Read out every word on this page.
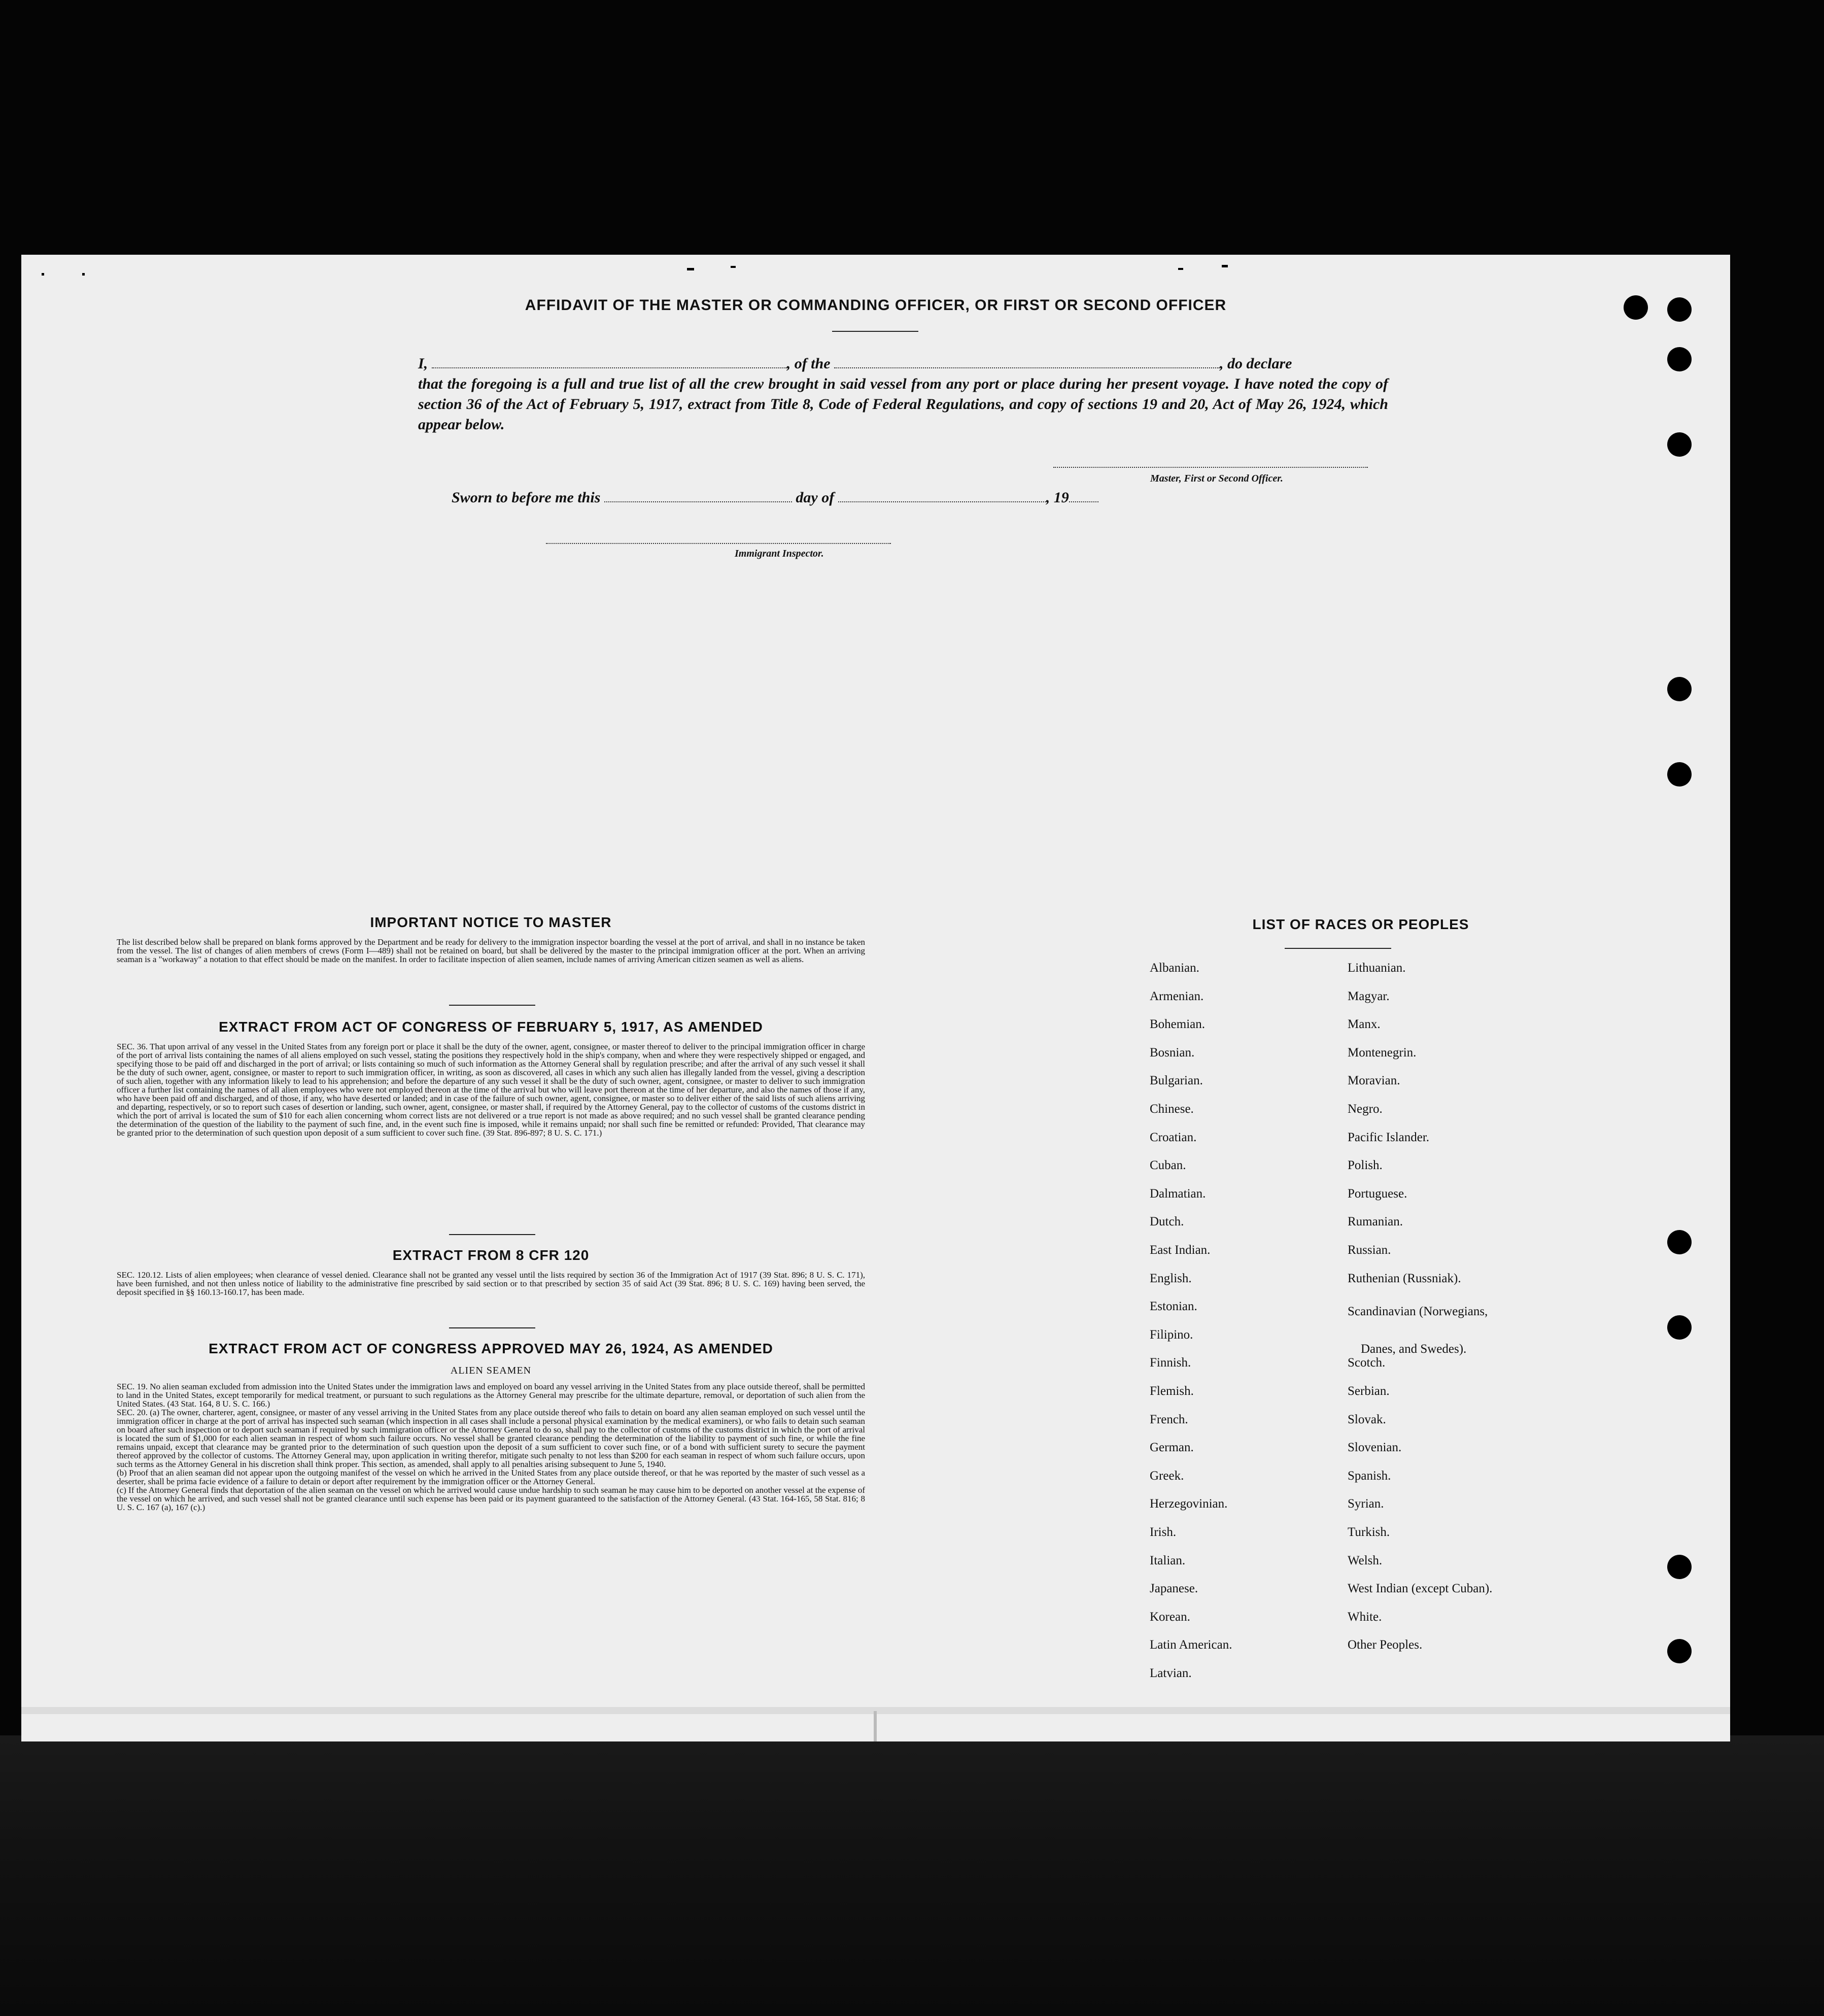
AFFIDAVIT OF THE MASTER OR COMMANDING OFFICER, OR FIRST OR SECOND OFFICER

I,	, of the	, do declare

that the foregoing is a full and true list of all the crew brought in said vessel from any port or place during her present voyage. I have noted the copy of section 36 of the Act of February 5, 1917, extract from Title 8, Code of Federal Regulations, and copy of sections 19 and 20, Act of May 26, 1924, which appear below.

Master, First or Second Officer.
Sworn to before me this	day of	, 19
Immigrant Inspector.
IMPORTANT NOTICE TO MASTER

The list described below shall be prepared on blank forms approved by the Department and be ready for delivery to the immigration inspector boarding the vessel at the port of arrival, and shall in no instance be taken from the vessel. The list of changes of alien members of crews (Form I—489) shall not be retained on board, but shall be delivered by the master to the principal immigration officer at the port. When an arriving seaman is a "workaway" a notation to that effect should be made on the manifest. In order to facilitate inspection of alien seamen, include names of arriving American citizen seamen as well as aliens.

EXTRACT FROM ACT OF CONGRESS OF FEBRUARY 5, 1917, AS AMENDED

SEC. 36. That upon arrival of any vessel in the United States from any foreign port or place it shall be the duty of the owner, agent, consignee, or master thereof to deliver to the principal immigration officer in charge of the port of arrival lists containing the names of all aliens employed on such vessel, stating the positions they respectively hold in the ship's company, when and where they were respectively shipped or engaged, and specifying those to be paid off and discharged in the port of arrival; or lists containing so much of such information as the Attorney General shall by regulation prescribe; and after the arrival of any such vessel it shall be the duty of such owner, agent, consignee, or master to report to such immigration officer, in writing, as soon as discovered, all cases in which any such alien has illegally landed from the vessel, giving a description of such alien, together with any information likely to lead to his apprehension; and before the departure of any such vessel it shall be the duty of such owner, agent, consignee, or master to deliver to such immigration officer a further list containing the names of all alien employees who were not employed thereon at the time of the arrival but who will leave port thereon at the time of her departure, and also the names of those if any, who have been paid off and discharged, and of those, if any, who have deserted or landed; and in case of the failure of such owner, agent, consignee, or master so to deliver either of the said lists of such aliens arriving and departing, respectively, or so to report such cases of desertion or landing, such owner, agent, consignee, or master shall, if required by the Attorney General, pay to the collector of customs of the customs district in which the port of arrival is located the sum of $10 for each alien concerning whom correct lists are not delivered or a true report is not made as above required; and no such vessel shall be granted clearance pending the determination of the question of the liability to the payment of such fine, and, in the event such fine is imposed, while it remains unpaid; nor shall such fine be remitted or refunded: Provided, That clearance may be granted prior to the determination of such question upon deposit of a sum sufficient to cover such fine. (39 Stat. 896-897; 8 U. S. C. 171.)

EXTRACT FROM 8 CFR 120

SEC. 120.12. Lists of alien employees; when clearance of vessel denied. Clearance shall not be granted any vessel until the lists required by section 36 of the Immigration Act of 1917 (39 Stat. 896; 8 U. S. C. 171), have been furnished, and not then unless notice of liability to the administrative fine prescribed by said section or to that prescribed by section 35 of said Act (39 Stat. 896; 8 U. S. C. 169) having been served, the deposit specified in §§ 160.13-160.17, has been made.

EXTRACT FROM ACT OF CONGRESS APPROVED MAY 26, 1924, AS AMENDED
ALIEN SEAMEN

SEC. 19. No alien seaman excluded from admission into the United States under the immigration laws and employed on board any vessel arriving in the United States from any place outside thereof, shall be permitted to land in the United States, except temporarily for medical treatment, or pursuant to such regulations as the Attorney General may prescribe for the ultimate departure, removal, or deportation of such alien from the United States. (43 Stat. 164, 8 U. S. C. 166.)

SEC. 20. (a) The owner, charterer, agent, consignee, or master of any vessel arriving in the United States from any place outside thereof who fails to detain on board any alien seaman employed on such vessel until the immigration officer in charge at the port of arrival has inspected such seaman (which inspection in all cases shall include a personal physical examination by the medical examiners), or who fails to detain such seaman on board after such inspection or to deport such seaman if required by such immigration officer or the Attorney General to do so, shall pay to the collector of customs of the customs district in which the port of arrival is located the sum of $1,000 for each alien seaman in respect of whom such failure occurs. No vessel shall be granted clearance pending the determination of the liability to payment of such fine, or while the fine remains unpaid, except that clearance may be granted prior to the determination of such question upon the deposit of a sum sufficient to cover such fine, or of a bond with sufficient surety to secure the payment thereof approved by the collector of customs. The Attorney General may, upon application in writing therefor, mitigate such penalty to not less than $200 for each seaman in respect of whom such failure occurs, upon such terms as the Attorney General in his discretion shall think proper. This section, as amended, shall apply to all penalties arising subsequent to June 5, 1940.

(b) Proof that an alien seaman did not appear upon the outgoing manifest of the vessel on which he arrived in the United States from any place outside thereof, or that he was reported by the master of such vessel as a deserter, shall be prima facie evidence of a failure to detain or deport after requirement by the immigration officer or the Attorney General.

(c) If the Attorney General finds that deportation of the alien seaman on the vessel on which he arrived would cause undue hardship to such seaman he may cause him to be deported on another vessel at the expense of the vessel on which he arrived, and such vessel shall not be granted clearance until such expense has been paid or its payment guaranteed to the satisfaction of the Attorney General. (43 Stat. 164-165, 58 Stat. 816; 8 U. S. C. 167 (a), 167 (c).)

LIST OF RACES OR PEOPLES
Albanian.
Armenian.
Bohemian.
Bosnian.
Bulgarian.
Chinese.
Croatian.
Cuban.
Dalmatian.
Dutch.
East Indian.
English.
Estonian.
Filipino.
Finnish.
Flemish.
French.
German.
Greek.
Herzegovinian.
Irish.
Italian.
Japanese.
Korean.
Latin American.
Latvian.
Lithuanian.
Magyar.
Manx.
Montenegrin.
Moravian.
Negro.
Pacific Islander.
Polish.
Portuguese.
Rumanian.
Russian.
Ruthenian (Russniak).
Scandinavian (Norwegians,
Danes, and Swedes).
Scotch.
Serbian.
Slovak.
Slovenian.
Spanish.
Syrian.
Turkish.
Welsh.
West Indian (except Cuban).
White.
Other Peoples.
